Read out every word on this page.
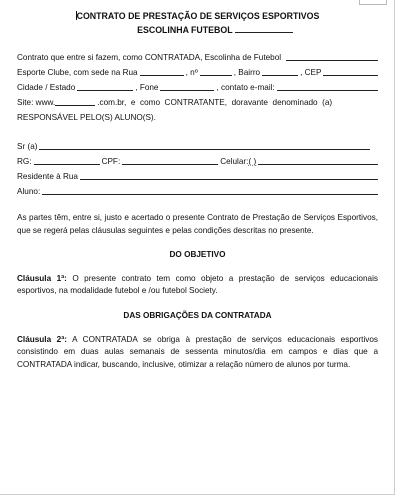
CONTRATO DE PRESTAÇÃO DE SERVIÇOS ESPORTIVOS
ESCOLINHA FUTEBOL
Contrato que entre si fazem, como CONTRATADA, Escolinha de Futebol
Esporte Clube, com sede na Rua	, nº	, Bairro	, CEP
Cidade / Estado	, Fone	, contato e-mail:
Site: www.	.com.br,  e  como  CONTRATANTE,  doravante  denominado  (a)
RESPONSÁVEL PELO(S) ALUNO(S).
Sr (a)
RG:	CPF:	Celular: ( )
Residente à Rua
Aluno:
As partes têm, entre si, justo e acertado o presente Contrato de Prestação de Serviços Esportivos, que se regerá pelas cláusulas seguintes e pelas condições descritas no presente.
DO OBJETIVO
Cláusula 1ª: O presente contrato tem como objeto a prestação de serviços educacionais esportivos, na modalidade futebol e /ou futebol Society.
DAS OBRIGAÇÕES DA CONTRATADA
Cláusula 2ª: A CONTRATADA se obriga à prestação de serviços educacionais esportivos consistindo em duas aulas semanais de sessenta minutos/dia em campos e dias que a CONTRATADA indicar, buscando, inclusive, otimizar a relação número de alunos por turma.
